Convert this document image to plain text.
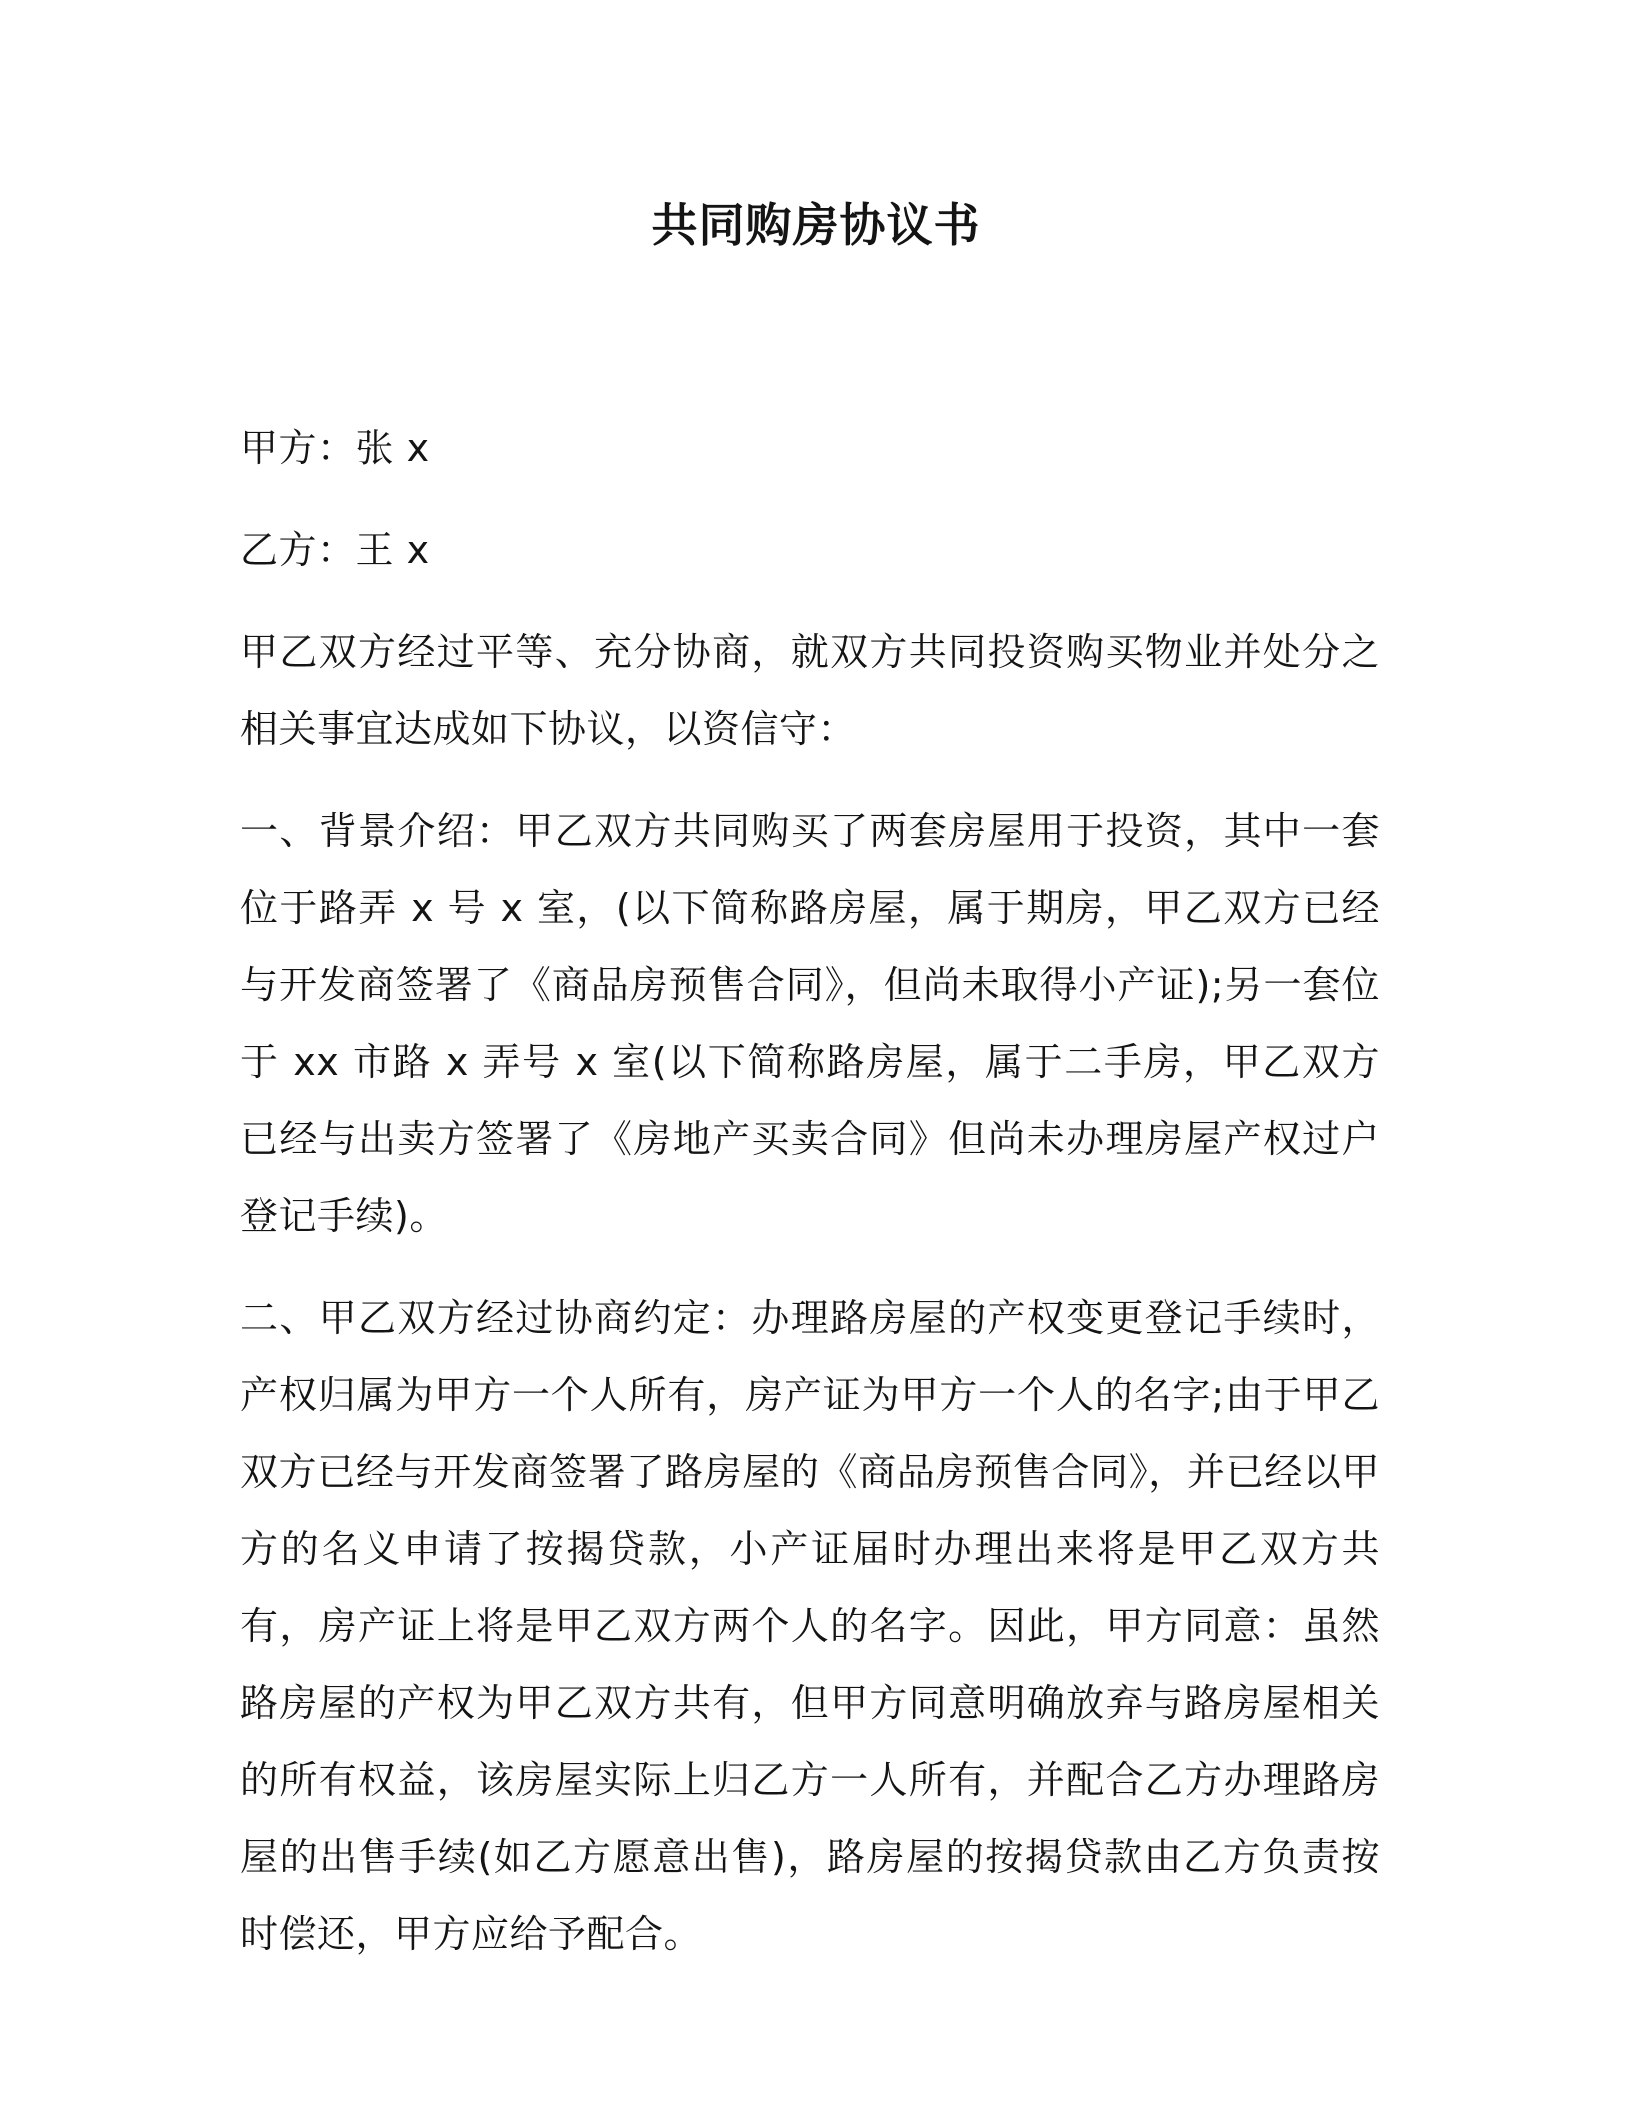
共同购房协议书

甲方：张 x

乙方：王 x

甲乙双方经过平等、充分协商，就双方共同投资购买物业并处分之相关事宜达成如下协议，以资信守：

一、背景介绍：甲乙双方共同购买了两套房屋用于投资，其中一套位于路弄 x 号 x 室，(以下简称路房屋，属于期房，甲乙双方已经与开发商签署了《商品房预售合同》，但尚未取得小产证);另一套位于 xx 市路 x 弄号 x 室(以下简称路房屋，属于二手房，甲乙双方已经与出卖方签署了《房地产买卖合同》但尚未办理房屋产权过户登记手续)。

二、甲乙双方经过协商约定：办理路房屋的产权变更登记手续时，产权归属为甲方一个人所有，房产证为甲方一个人的名字;由于甲乙双方已经与开发商签署了路房屋的《商品房预售合同》，并已经以甲方的名义申请了按揭贷款，小产证届时办理出来将是甲乙双方共有，房产证上将是甲乙双方两个人的名字。因此，甲方同意：虽然路房屋的产权为甲乙双方共有，但甲方同意明确放弃与路房屋相关的所有权益，该房屋实际上归乙方一人所有，并配合乙方办理路房屋的出售手续(如乙方愿意出售)，路房屋的按揭贷款由乙方负责按时偿还，甲方应给予配合。
